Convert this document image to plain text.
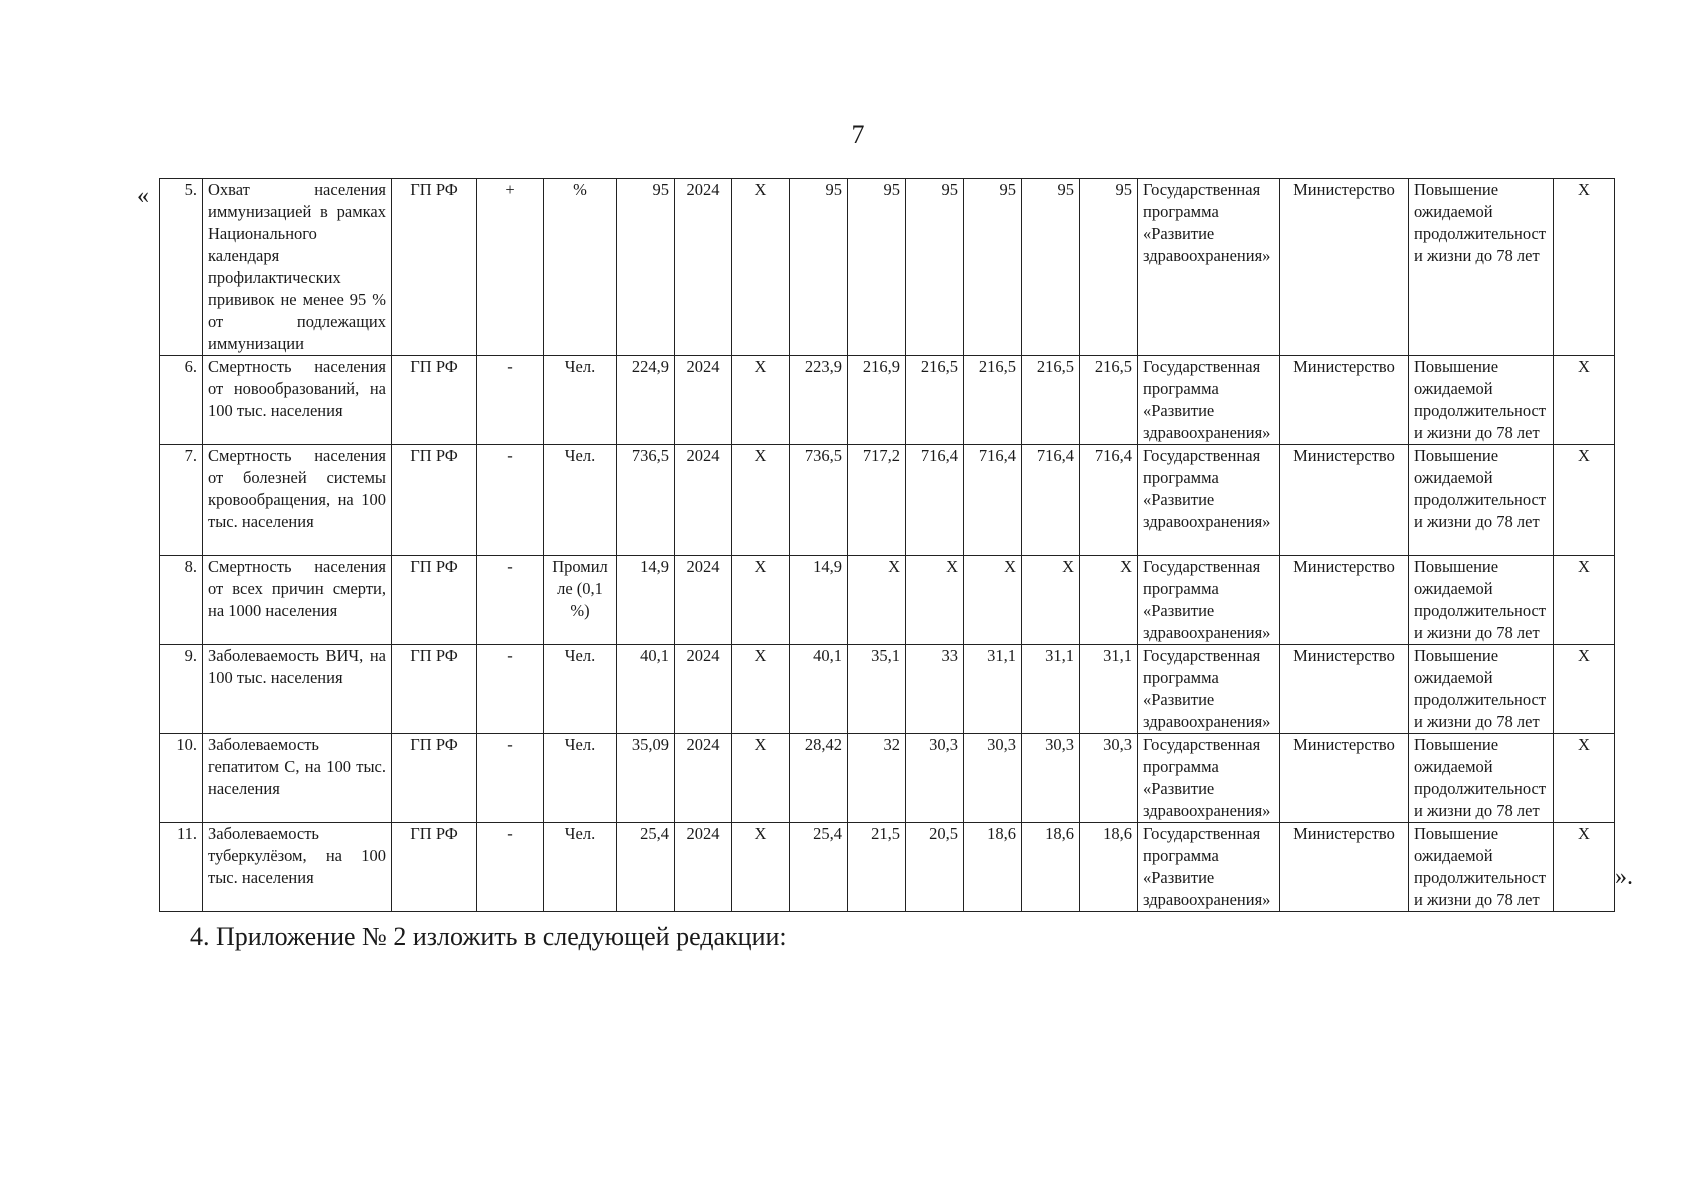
7
« 5.	Охват населения иммунизацией в рамках Национального календаря профилактических прививок не менее 95 % от подлежащих иммунизации	ГП РФ	+	%	95	2024	Х	95	95	95	95	95	95	Государственная программа «Развитие здравоохранения»	Министерство	Повышение ожидаемой продолжительности жизни до 78 лет	Х
6.	Смертность населения от новообразований, на 100 тыс. населения	ГП РФ	-	Чел.	224,9	2024	Х	223,9	216,9	216,5	216,5	216,5	216,5	Государственная программа «Развитие здравоохранения»	Министерство	Повышение ожидаемой продолжительности жизни до 78 лет	Х
7.	Смертность населения от болезней системы кровообращения, на 100 тыс. населения	ГП РФ	-	Чел.	736,5	2024	Х	736,5	717,2	716,4	716,4	716,4	716,4	Государственная программа «Развитие здравоохранения»	Министерство	Повышение ожидаемой продолжительности жизни до 78 лет	Х
8.	Смертность населения от всех причин смерти, на 1000 населения	ГП РФ	-	Промилле (0,1 %)	14,9	2024	Х	14,9	Х	Х	Х	Х	Х	Государственная программа «Развитие здравоохранения»	Министерство	Повышение ожидаемой продолжительности жизни до 78 лет	Х
9.	Заболеваемость ВИЧ, на 100 тыс. населения	ГП РФ	-	Чел.	40,1	2024	Х	40,1	35,1	33	31,1	31,1	31,1	Государственная программа «Развитие здравоохранения»	Министерство	Повышение ожидаемой продолжительности жизни до 78 лет	Х
10.	Заболеваемость гепатитом С, на 100 тыс. населения	ГП РФ	-	Чел.	35,09	2024	Х	28,42	32	30,3	30,3	30,3	30,3	Государственная программа «Развитие здравоохранения»	Министерство	Повышение ожидаемой продолжительности жизни до 78 лет	Х
11.	Заболеваемость туберкулёзом, на 100 тыс. населения	ГП РФ	-	Чел.	25,4	2024	Х	25,4	21,5	20,5	18,6	18,6	18,6	Государственная программа «Развитие здравоохранения»	Министерство	Повышение ожидаемой продолжительности жизни до 78 лет	Х
».
4. Приложение № 2 изложить в следующей редакции:
